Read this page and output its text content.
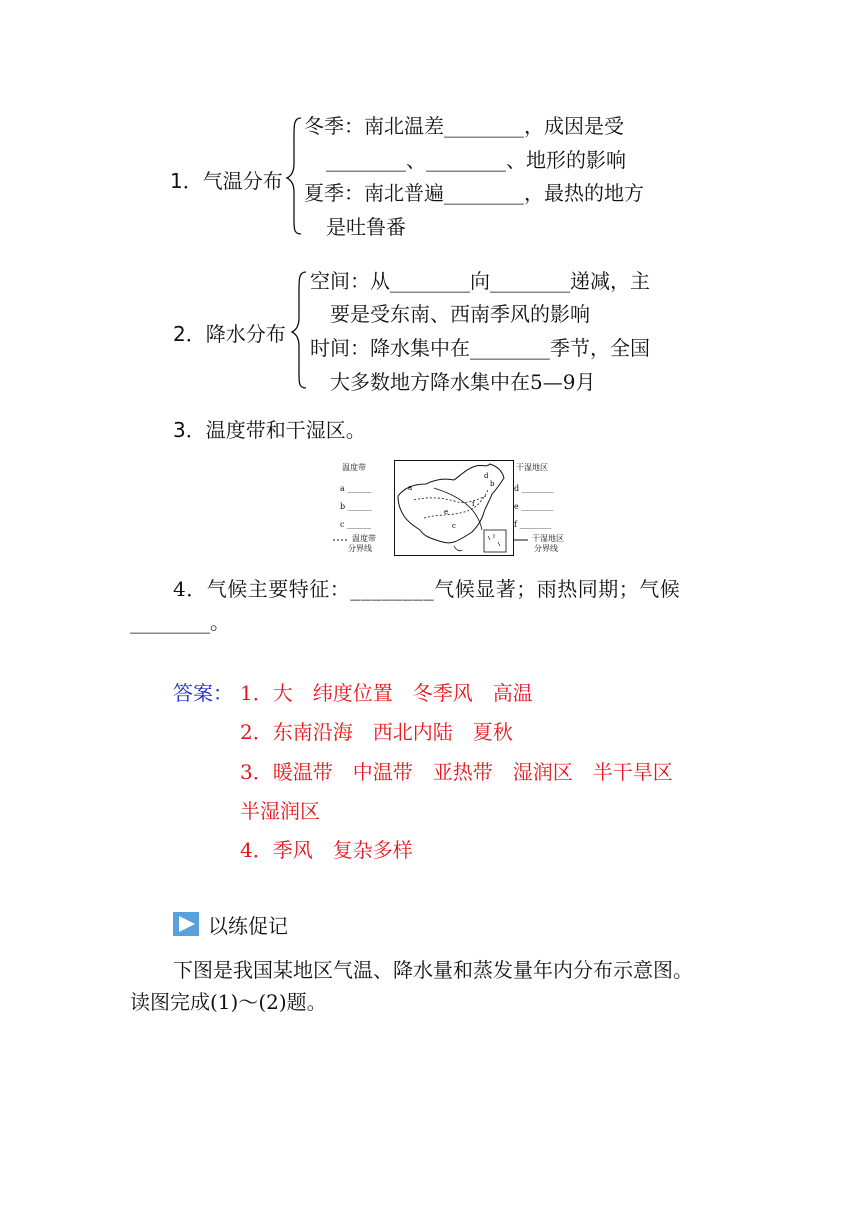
1．气温分布
冬季：南北温差________，成因是受
________、________、地形的影响
夏季：南北普遍________，最热的地方
是吐鲁番
2．降水分布
空间：从________向________递减，主
要是受东南、西南季风的影响
时间：降水集中在________季节，全国
大多数地方降水集中在5—9月
3．温度带和干湿区。
温度带
a ______
b ______
c ______
温度带
分界线
a	b
d
e
f
c
干湿地区
d ________
e ________
f ________
干湿地区
分界线
4．气候主要特征：________气候显著；雨热同期；气候
________。
答案： 1．大　纬度位置　冬季风　高温
2．东南沿海　西北内陆　夏秋
3．暖温带　中温带　亚热带　湿润区　半干旱区
半湿润区
4．季风　复杂多样
以练促记
下图是我国某地区气温、降水量和蒸发量年内分布示意图。
读图完成(1)～(2)题。
